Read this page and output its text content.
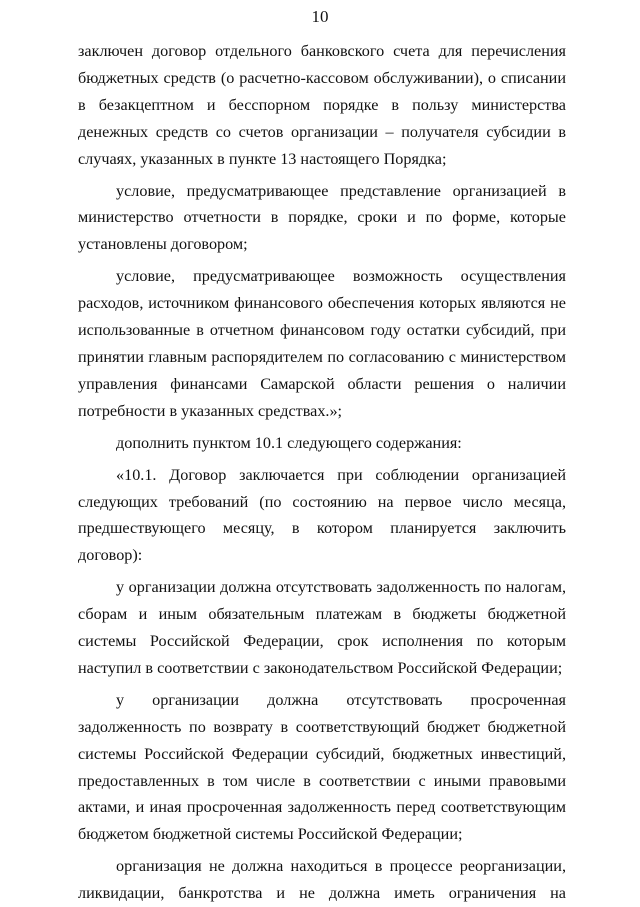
10

заключен договор отдельного банковского счета для перечисления бюджетных средств (о расчетно-кассовом обслуживании), о списании в безакцептном и бесспорном порядке в пользу министерства денежных средств со счетов организации – получателя субсидии в случаях, указанных в пункте 13 настоящего Порядка;

условие, предусматривающее представление организацией в министерство отчетности в порядке, сроки и по форме, которые установлены договором;

условие, предусматривающее возможность осуществления расходов, источником финансового обеспечения которых являются не использованные в отчетном финансовом году остатки субсидий, при принятии главным распорядителем по согласованию с министерством управления финансами Самарской области решения о наличии потребности в указанных средствах.»;

дополнить пунктом 10.1 следующего содержания:

«10.1. Договор заключается при соблюдении организацией следующих требований (по состоянию на первое число месяца, предшествующего месяцу, в котором планируется заключить договор):

у организации должна отсутствовать задолженность по налогам, сборам и иным обязательным платежам в бюджеты бюджетной системы Российской Федерации, срок исполнения по которым наступил в соответствии с законодательством Российской Федерации;

у организации должна отсутствовать просроченная задолженность по возврату в соответствующий бюджет бюджетной системы Российской Федерации субсидий, бюджетных инвестиций, предоставленных в том числе в соответствии с иными правовыми актами, и иная просроченная задолженность перед соответствующим бюджетом бюджетной системы Российской Федерации;

организация не должна находиться в процессе реорганизации, ликвидации, банкротства и не должна иметь ограничения на
